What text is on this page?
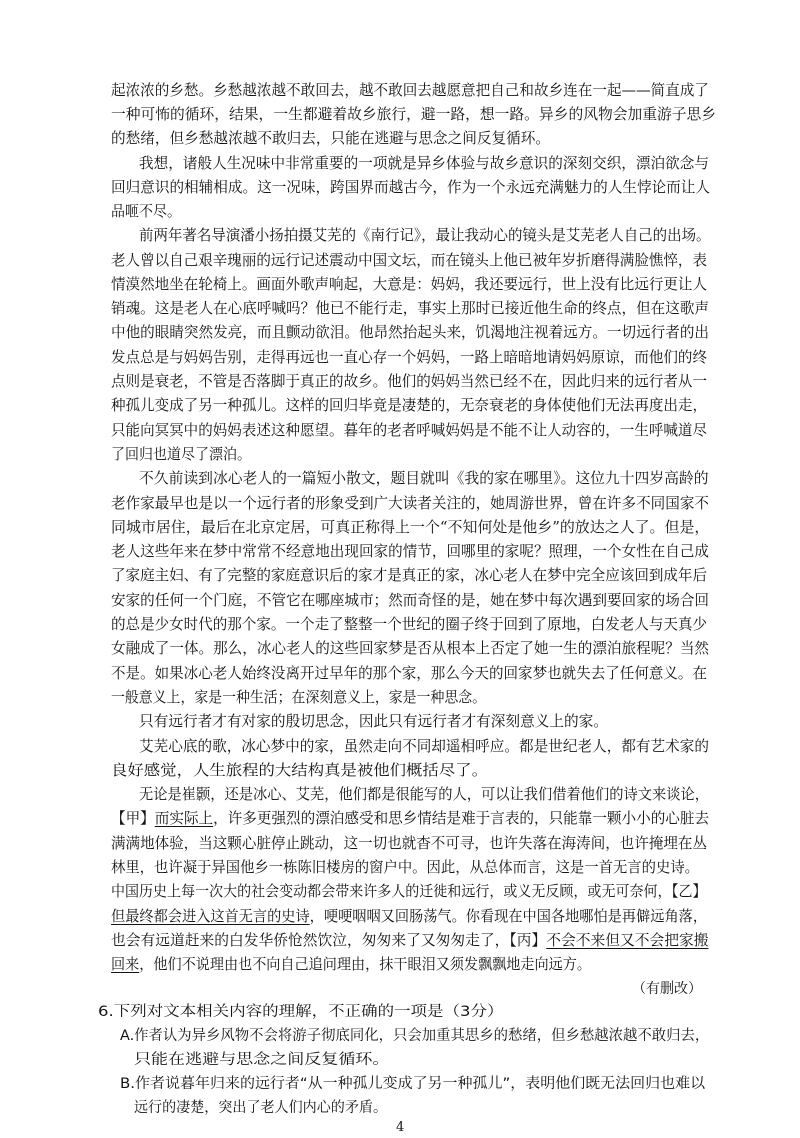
起浓浓的乡愁。乡愁越浓越不敢回去，越不敢回去越愿意把自己和故乡连在一起——简直成了
一种可怖的循环，结果，一生都避着故乡旅行，避一路，想一路。异乡的风物会加重游子思乡
的愁绪，但乡愁越浓越不敢归去，只能在逃避与思念之间反复循环。
我想，诸般人生况味中非常重要的一项就是异乡体验与故乡意识的深刻交织，漂泊欲念与
回归意识的相辅相成。这一况味，跨国界而越古今，作为一个永远充满魅力的人生悖论而让人
品咂不尽。
前两年著名导演潘小扬拍摄艾芜的《南行记》，最让我动心的镜头是艾芜老人自己的出场。
老人曾以自己艰辛瑰丽的远行记述震动中国文坛，而在镜头上他已被年岁折磨得满脸憔悴，表
情漠然地坐在轮椅上。画面外歌声响起，大意是：妈妈，我还要远行，世上没有比远行更让人
销魂。这是老人在心底呼喊吗？他已不能行走，事实上那时已接近他生命的终点，但在这歌声
中他的眼睛突然发亮，而且颤动欲泪。他昂然抬起头来，饥渴地注视着远方。一切远行者的出
发点总是与妈妈告别，走得再远也一直心存一个妈妈，一路上暗暗地请妈妈原谅，而他们的终
点则是衰老，不管是否落脚于真正的故乡。他们的妈妈当然已经不在，因此归来的远行者从一
种孤儿变成了另一种孤儿。这样的回归毕竟是凄楚的，无奈衰老的身体使他们无法再度出走，
只能向冥冥中的妈妈表述这种愿望。暮年的老者呼喊妈妈是不能不让人动容的，一生呼喊道尽
了回归也道尽了漂泊。
不久前读到冰心老人的一篇短小散文，题目就叫《我的家在哪里》。这位九十四岁高龄的
老作家最早也是以一个远行者的形象受到广大读者关注的，她周游世界，曾在许多不同国家不
同城市居住，最后在北京定居，可真正称得上一个“不知何处是他乡”的放达之人了。但是，
老人这些年来在梦中常常不经意地出现回家的情节，回哪里的家呢？照理，一个女性在自己成
了家庭主妇、有了完整的家庭意识后的家才是真正的家，冰心老人在梦中完全应该回到成年后
安家的任何一个门庭，不管它在哪座城市；然而奇怪的是，她在梦中每次遇到要回家的场合回
的总是少女时代的那个家。一个走了整整一个世纪的圈子终于回到了原地，白发老人与天真少
女融成了一体。那么，冰心老人的这些回家梦是否从根本上否定了她一生的漂泊旅程呢？当然
不是。如果冰心老人始终没离开过早年的那个家，那么今天的回家梦也就失去了任何意义。在
一般意义上，家是一种生活；在深刻意义上，家是一种思念。
只有远行者才有对家的殷切思念，因此只有远行者才有深刻意义上的家。
艾芜心底的歌，冰心梦中的家，虽然走向不同却遥相呼应。都是世纪老人，都有艺术家的
良好感觉，人生旅程的大结构真是被他们概括尽了。
无论是崔颢，还是冰心、艾芜，他们都是很能写的人，可以让我们借着他们的诗文来谈论，
【甲】而实际上，许多更强烈的漂泊感受和思乡情结是难于言表的，只能靠一颗小小的心脏去
满满地体验，当这颗心脏停止跳动，这一切也就杳不可寻，也许失落在海涛间，也许掩埋在丛
林里，也许凝于异国他乡一栋陈旧楼房的窗户中。因此，从总体而言，这是一首无言的史诗。
中国历史上每一次大的社会变动都会带来许多人的迁徙和远行，或义无反顾，或无可奈何，【乙】
但最终都会进入这首无言的史诗，哽哽咽咽又回肠荡气。你看现在中国各地哪怕是再僻远角落，
也会有远道赶来的白发华侨怆然饮泣，匆匆来了又匆匆走了，【丙】不会不来但又不会把家搬
回来，他们不说理由也不向自己追问理由，抹干眼泪又须发飘飘地走向远方。
（有删改）
6.下列对文本相关内容的理解，不正确的一项是（3分）
A.作者认为异乡风物不会将游子彻底同化，只会加重其思乡的愁绪，但乡愁越浓越不敢归去，
只能在逃避与思念之间反复循环。
B.作者说暮年归来的远行者“从一种孤儿变成了另一种孤儿”，表明他们既无法回归也难以
远行的凄楚，突出了老人们内心的矛盾。
4
